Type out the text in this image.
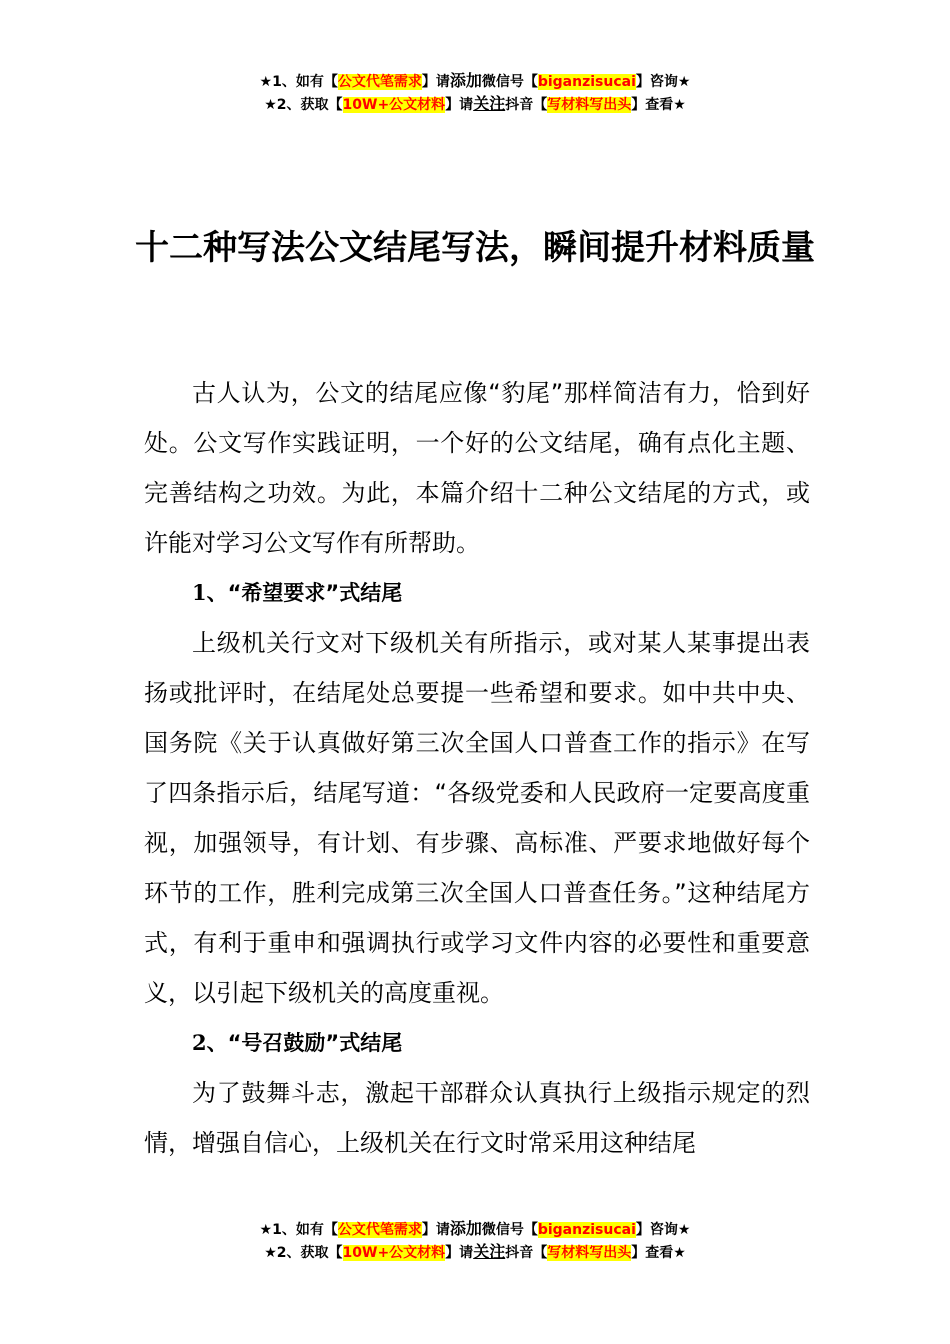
★1、如有【公文代笔需求】请添加微信号【biganzisucai】咨询★
★2、获取【10W+公文材料】请关注抖音【写材料写出头】查看★
十二种写法公文结尾写法，瞬间提升材料质量

古人认为，公文的结尾应像“豹尾”那样简洁有力，恰到好处。公文写作实践证明，一个好的公文结尾，确有点化主题、完善结构之功效。为此，本篇介绍十二种公文结尾的方式，或许能对学习公文写作有所帮助。

1、“希望要求”式结尾

上级机关行文对下级机关有所指示，或对某人某事提出表扬或批评时，在结尾处总要提一些希望和要求。如中共中央、国务院《关于认真做好第三次全国人口普查工作的指示》在写了四条指示后，结尾写道：“各级党委和人民政府一定要高度重视，加强领导，有计划、有步骤、高标准、严要求地做好每个环节的工作，胜利完成第三次全国人口普查任务。”这种结尾方式，有利于重申和强调执行或学习文件内容的必要性和重要意义，以引起下级机关的高度重视。

2、“号召鼓励”式结尾

为了鼓舞斗志，激起干部群众认真执行上级指示规定的烈情，增强自信心，上级机关在行文时常采用这种结尾

★1、如有【公文代笔需求】请添加微信号【biganzisucai】咨询★
★2、获取【10W+公文材料】请关注抖音【写材料写出头】查看★
